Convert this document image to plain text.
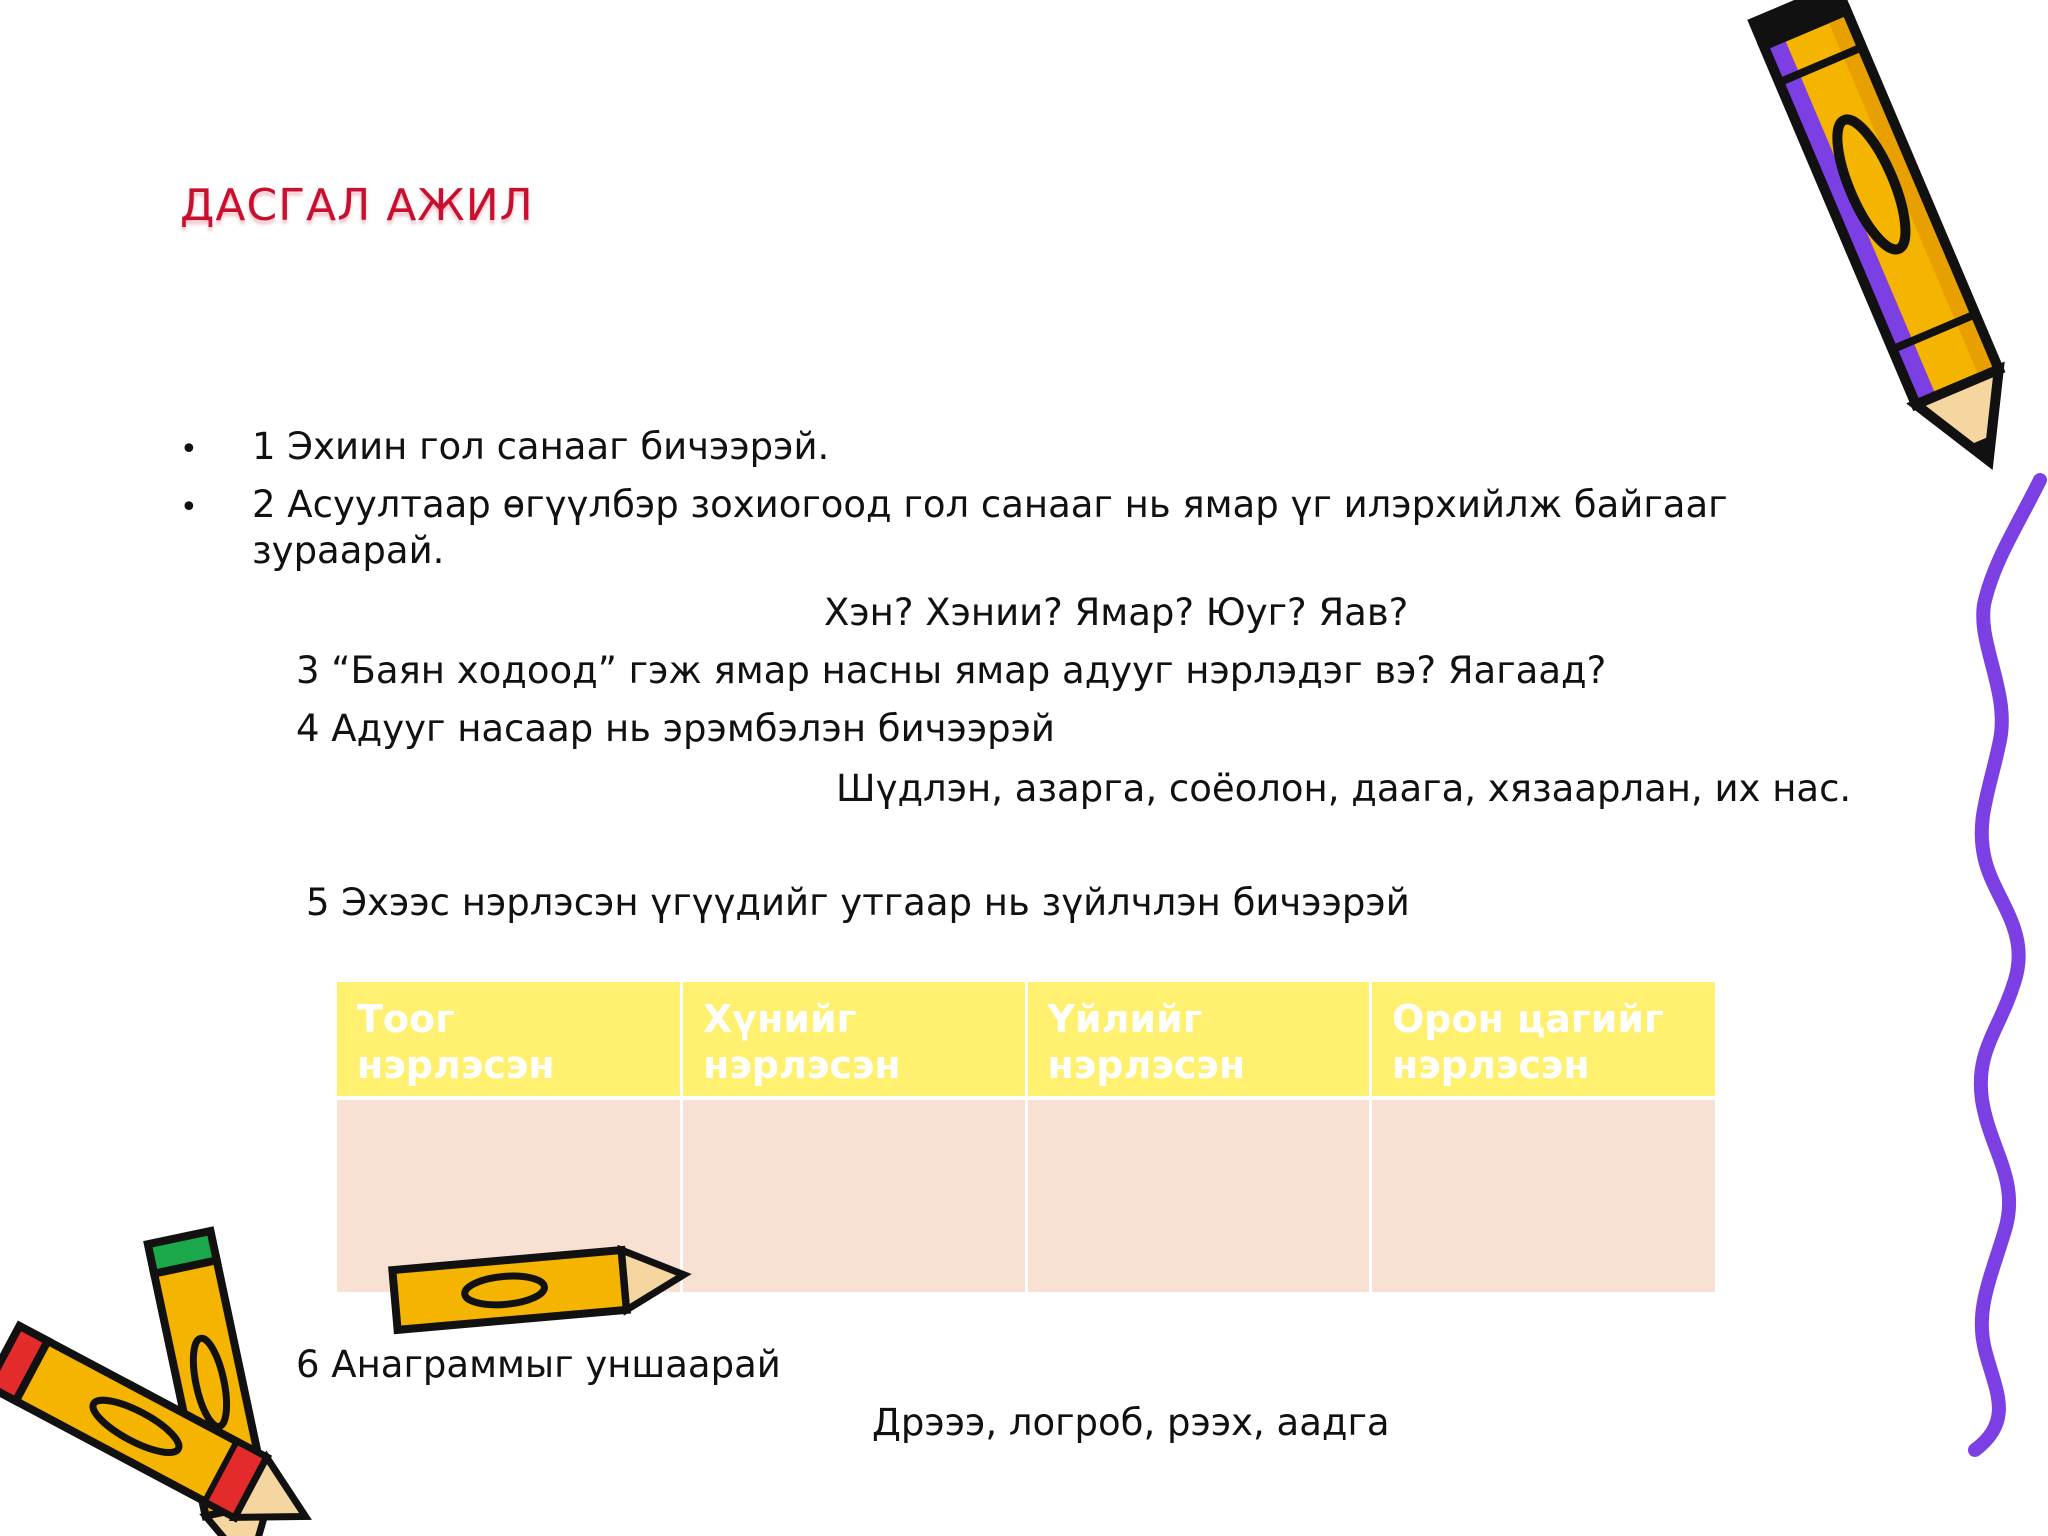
ДАСГАЛ АЖИЛ
• 1 Эхиин гол санааг бичээрэй.
• 2 Асуултаар өгүүлбэр зохиогоод гол санааг нь ямар үг илэрхийлж байгааг зураарай.
Хэн? Хэнии? Ямар? Юуг? Яав?
3 “Баян ходоод” гэж ямар насны ямар адууг нэрлэдэг вэ? Яагаад?
4 Адууг насаар нь эрэмбэлэн бичээрэй
Шүдлэн, азарга, соёолон, даага, хязаарлан, их нас.
5 Эхээс нэрлэсэн үгүүдийг утгаар нь зүйлчлэн бичээрэй
Тоог нэрлэсэн	Хүнийг нэрлэсэн	Үйлийг нэрлэсэн	Орон цагийг нэрлэсэн

6 Анаграммыг уншаарай
Дрэээ, логроб, рээх, аадга
